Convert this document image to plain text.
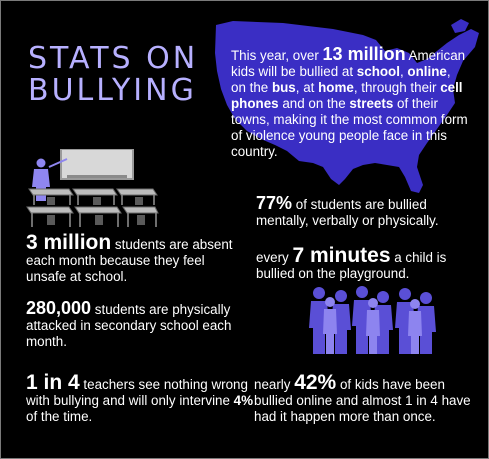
STATS ON
BULLYING

This year, over 13 million American kids will be bullied at school, online, on the bus, at home, through their cell phones and on the streets of their towns, making it the most common form of violence young people face in this country.

77% of students are bullied mentally, verbally or physically.

3 million students are absent each month because they feel unsafe at school.

every 7 minutes a child is bullied on the playground.

280,000 students are physically attacked in secondary school each month.

1 in 4 teachers see nothing wrong with bullying and will only intervine 4% of the time.

nearly 42% of kids have been bullied online and almost 1 in 4 have had it happen more than once.
